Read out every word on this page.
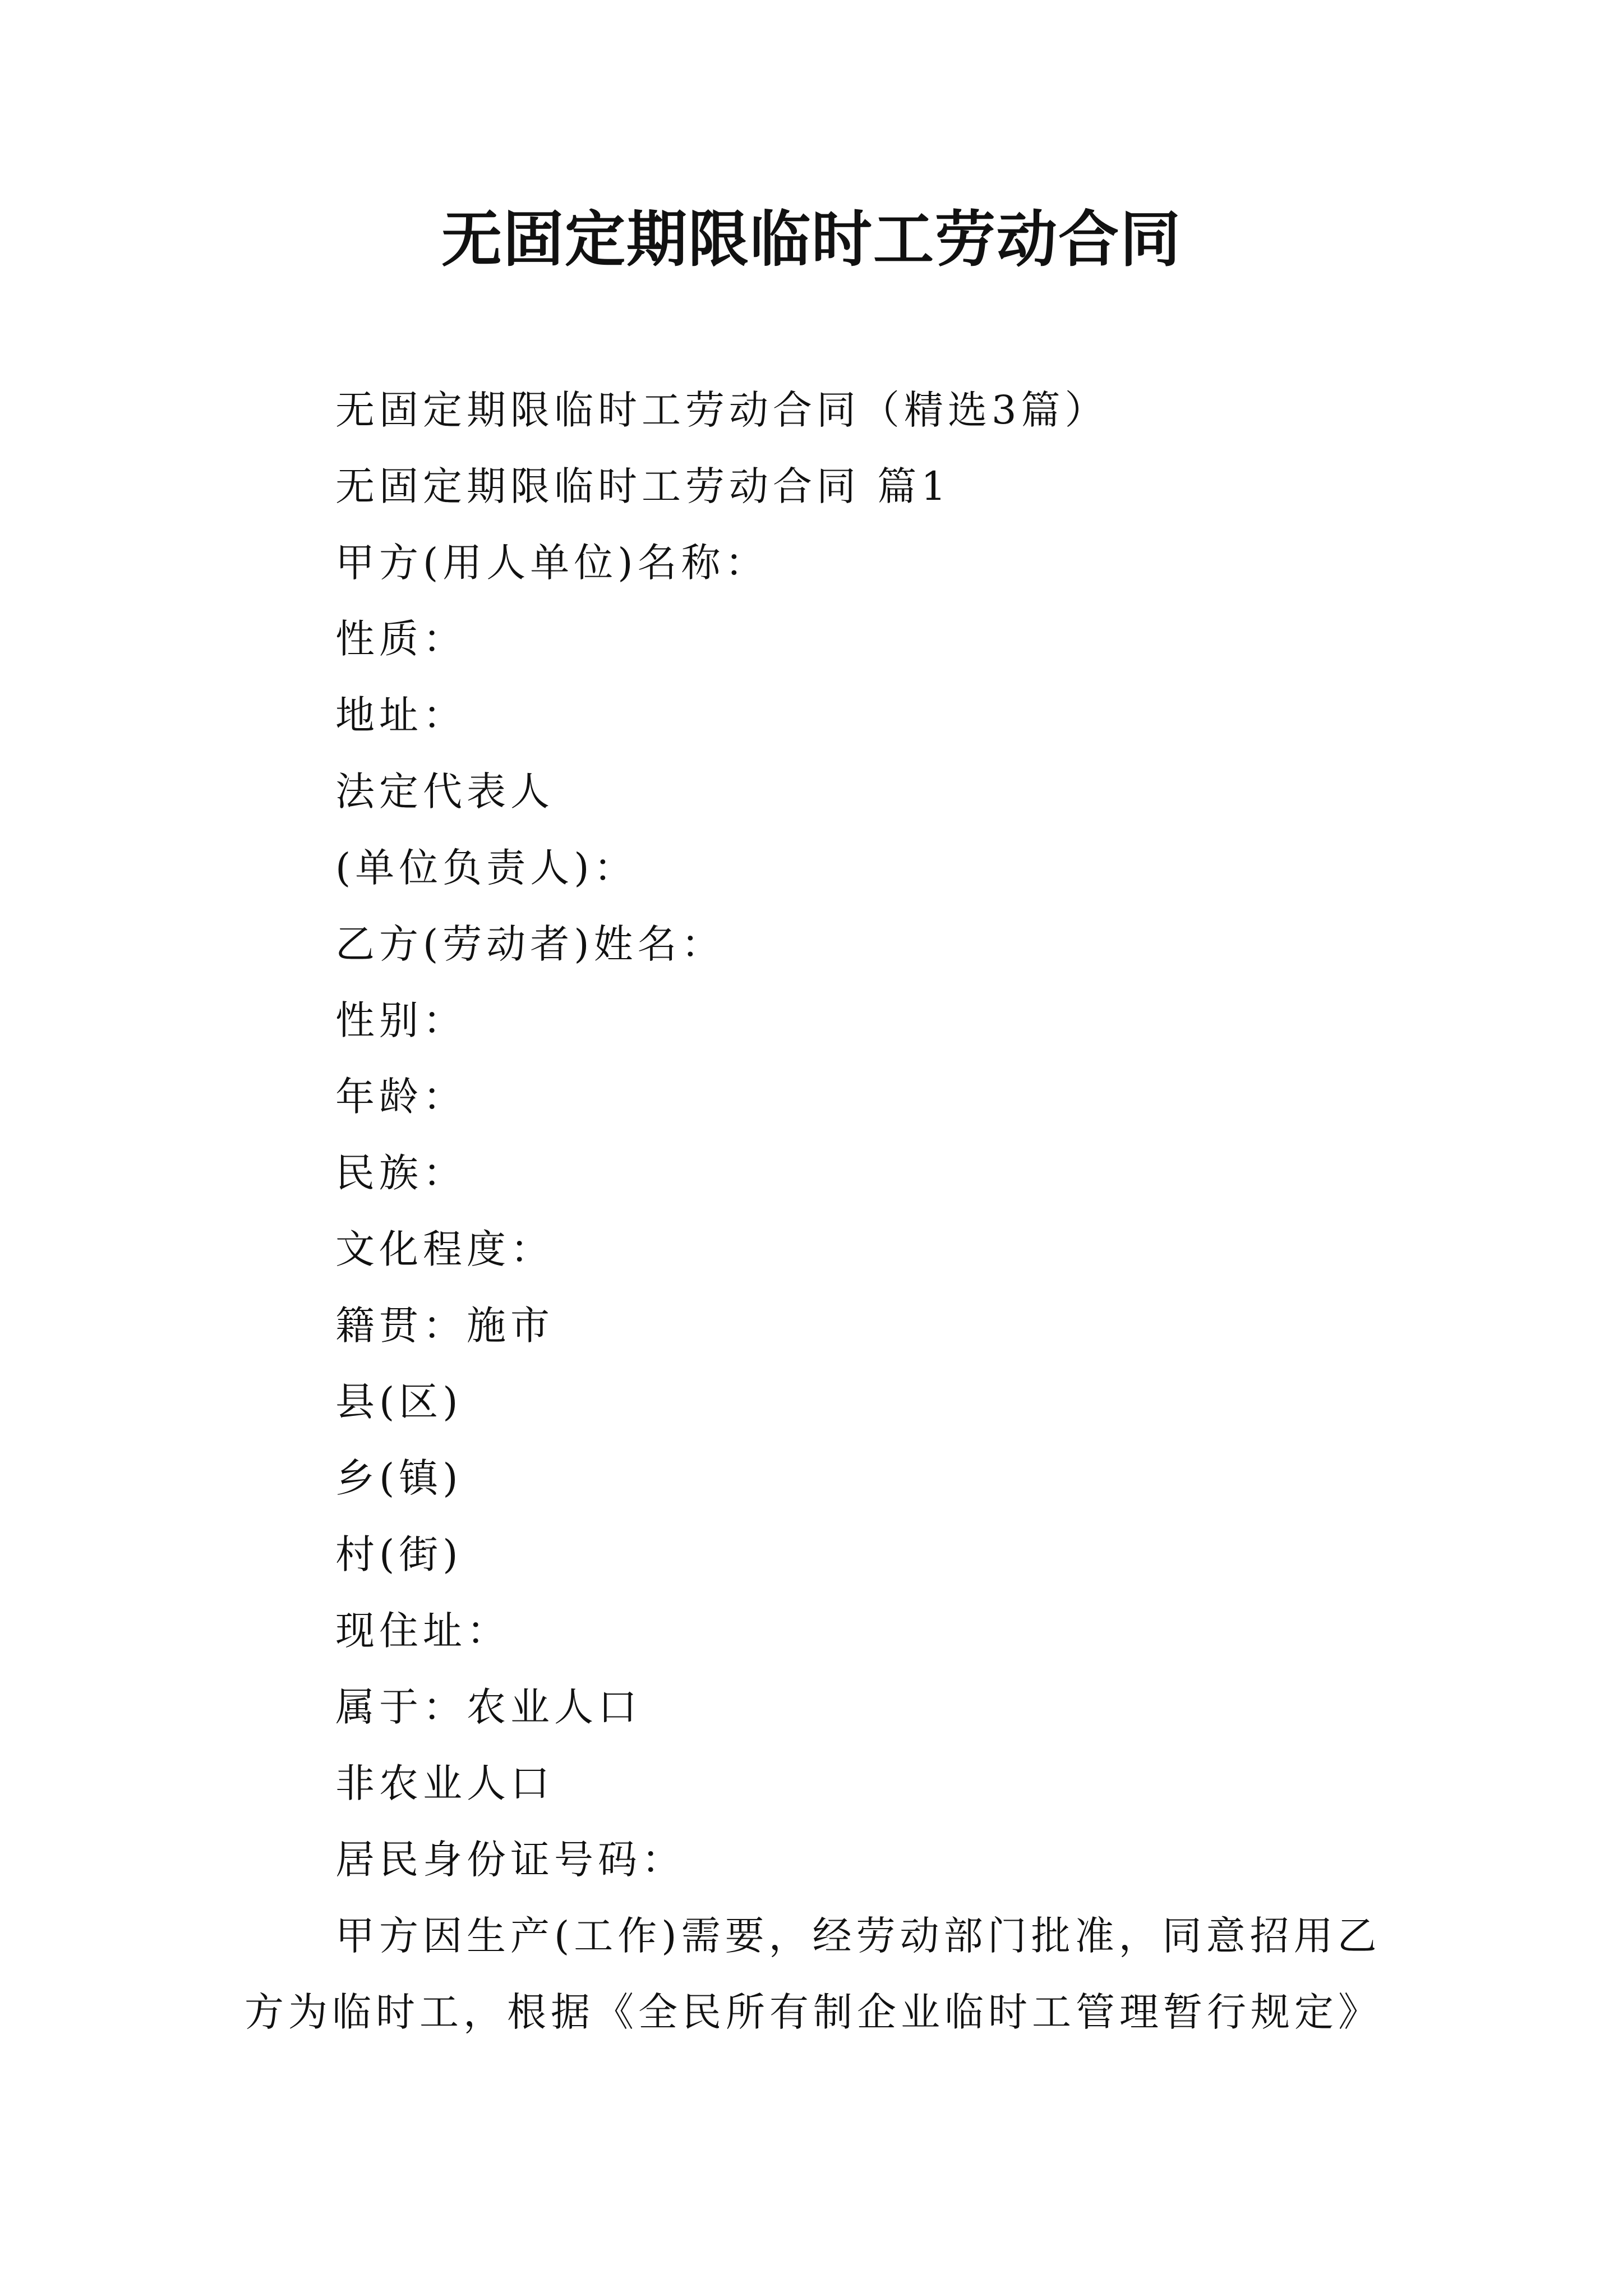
无固定期限临时工劳动合同

无固定期限临时工劳动合同（精选3篇）

无固定期限临时工劳动合同 篇1

甲方(用人单位)名称：

性质：

地址：

法定代表人

(单位负责人)：

乙方(劳动者)姓名：

性别：

年龄：

民族：

文化程度：

籍贯：施市

县(区)

乡(镇)

村(街)

现住址：

属于：农业人口

非农业人口

居民身份证号码：

甲方因生产(工作)需要，经劳动部门批准，同意招用乙

方为临时工，根据《全民所有制企业临时工管理暂行规定》
